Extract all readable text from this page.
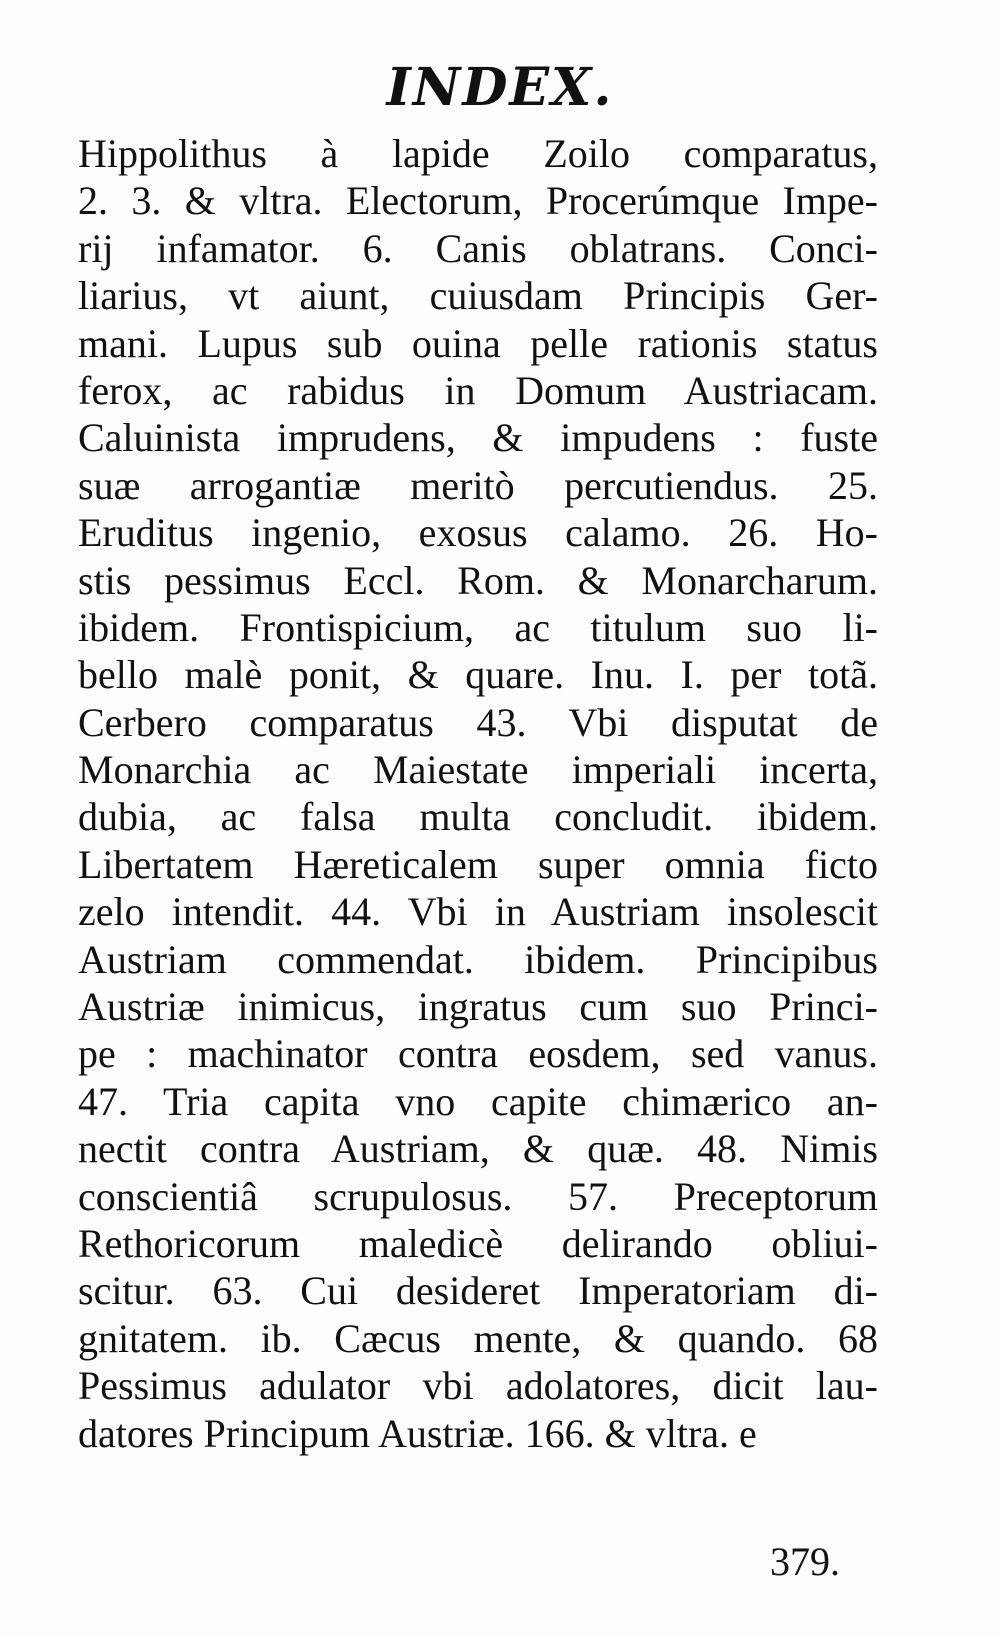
INDEX.
Hippolithus à lapide Zoilo comparatus,
2. 3. & vltra. Electorum, Procerúmque Impe-
rij infamator. 6. Canis oblatrans. Conci-
liarius, vt aiunt, cuiusdam Principis Ger-
mani. Lupus sub ouina pelle rationis status
ferox, ac rabidus in Domum Austriacam.
Caluinista imprudens, & impudens : fuste
suæ arrogantiæ meritò percutiendus. 25.
Eruditus ingenio, exosus calamo. 26. Ho-
stis pessimus Eccl. Rom. & Monarcharum.
ibidem. Frontispicium, ac titulum suo li-
bello malè ponit, & quare. Inu. I. per totã.
Cerbero comparatus 43. Vbi disputat de
Monarchia ac Maiestate imperiali incerta,
dubia, ac falsa multa concludit. ibidem.
Libertatem Hæreticalem super omnia ficto
zelo intendit. 44. Vbi in Austriam insolescit
Austriam commendat. ibidem. Principibus
Austriæ inimicus, ingratus cum suo Princi-
pe : machinator contra eosdem, sed vanus.
47. Tria capita vno capite chimærico an-
nectit contra Austriam, & quæ. 48. Nimis
conscientiâ scrupulosus. 57. Preceptorum
Rethoricorum maledicè delirando obliui-
scitur. 63. Cui desideret Imperatoriam di-
gnitatem. ib. Cæcus mente, & quando. 68
Pessimus adulator vbi adolatores, dicit lau-
datores Principum Austriæ. 166. & vltra. e
379.
